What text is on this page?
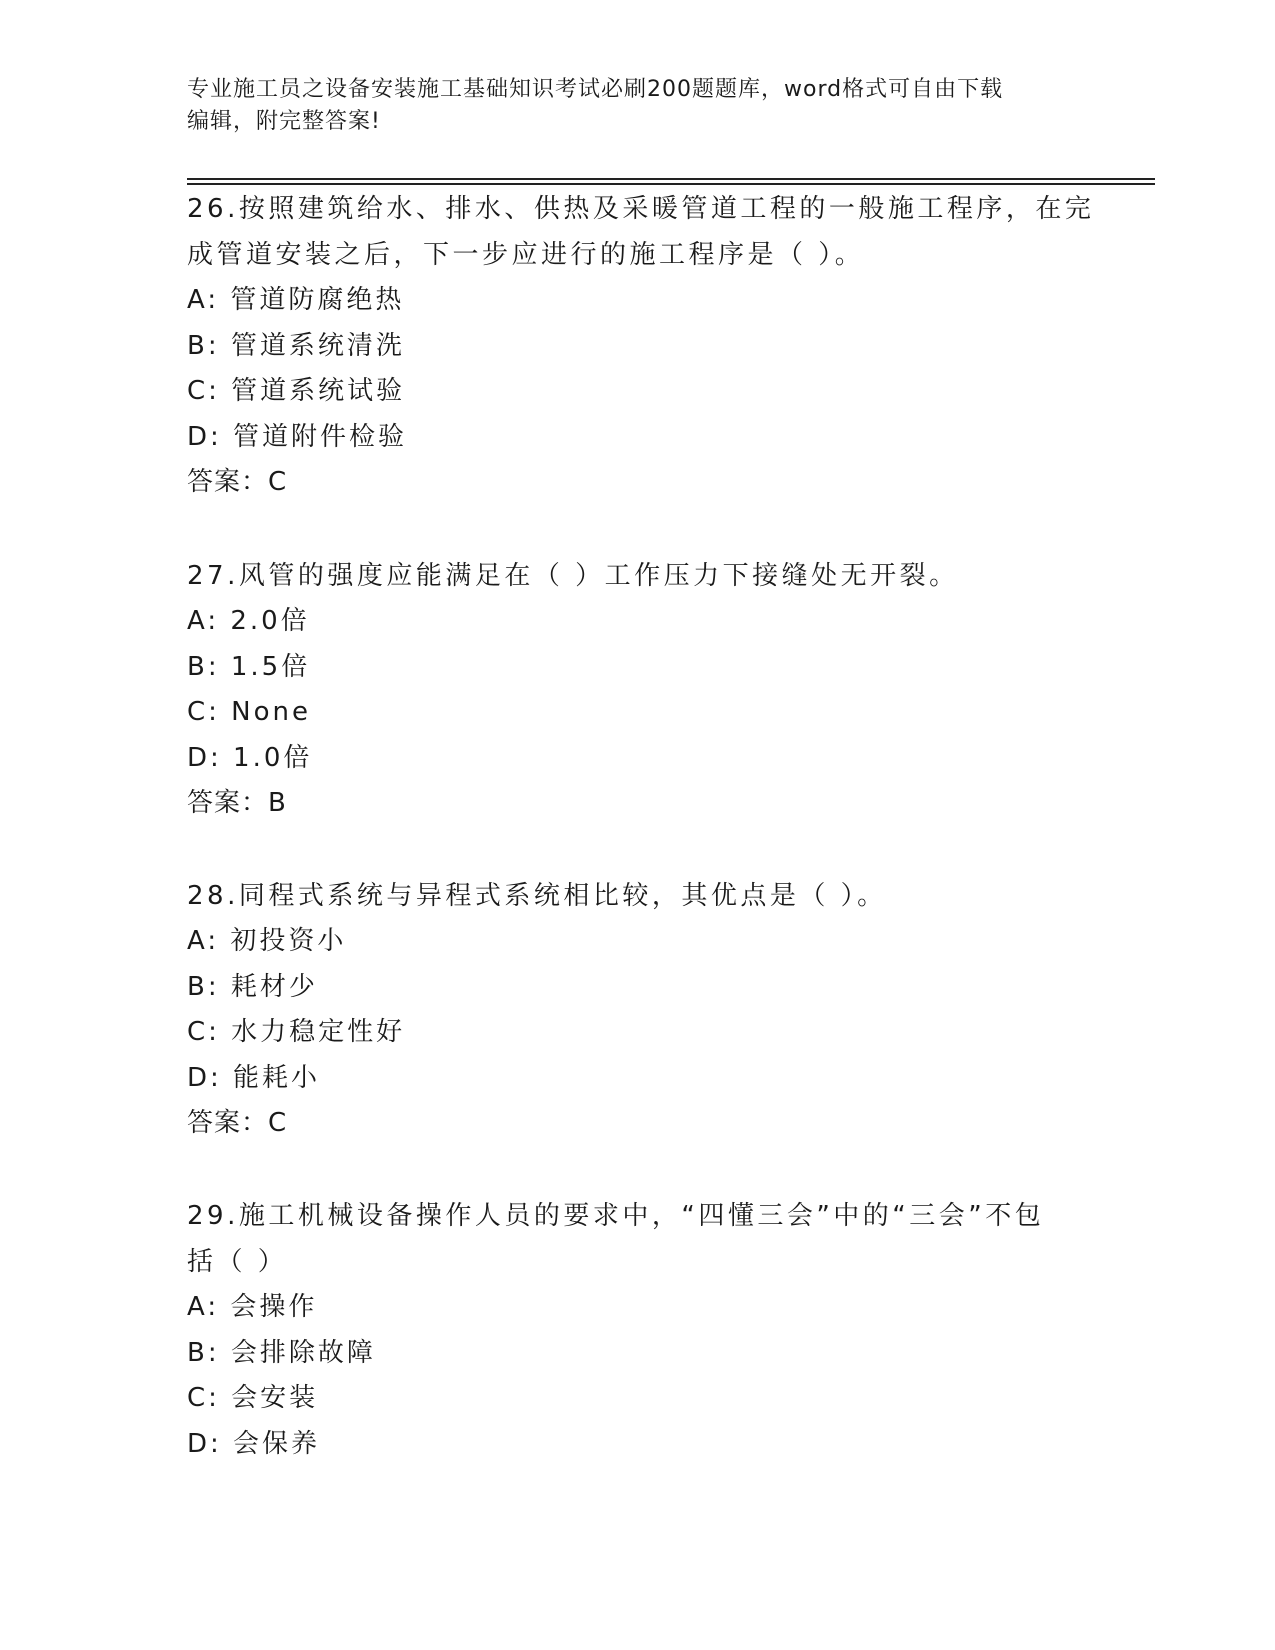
专业施工员之设备安装施工基础知识考试必刷200题题库，word格式可自由下载
编辑，附完整答案!
26.按照建筑给水、排水、供热及采暖管道工程的一般施工程序，在完
成管道安装之后，下一步应进行的施工程序是（ ）。
A: 管道防腐绝热
B: 管道系统清洗
C: 管道系统试验
D: 管道附件检验
答案：C
27.风管的强度应能满足在（ ）工作压力下接缝处无开裂。
A: 2.0倍
B: 1.5倍
C: None
D: 1.0倍
答案：B
28.同程式系统与异程式系统相比较，其优点是（ ）。
A: 初投资小
B: 耗材少
C: 水力稳定性好
D: 能耗小
答案：C
29.施工机械设备操作人员的要求中，“四懂三会”中的“三会”不包
括（ ）
A: 会操作
B: 会排除故障
C: 会安装
D: 会保养
